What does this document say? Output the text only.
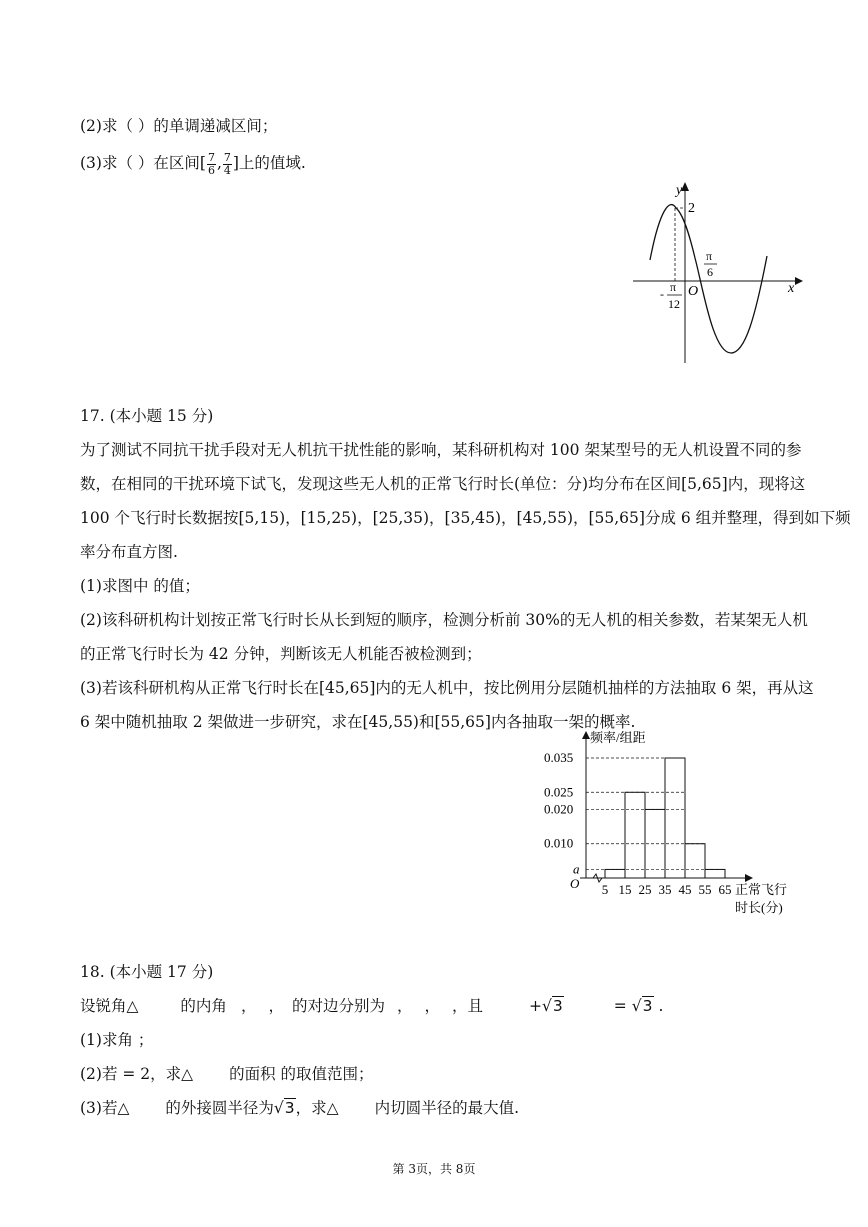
(2)求（ ）的单调递减区间；
(3)求（ ）在区间[ $\frac{7}{6}$ , $\frac{7}{4}$ ]上的值域.
y
x
O
2
π
6
- π
12
17. (本小题 15 分)
为了测试不同抗干扰手段对无人机抗干扰性能的影响，某科研机构对 100 架某型号的无人机设置不同的参
数，在相同的干扰环境下试飞，发现这些无人机的正常飞行时长(单位：分)均分布在区间[5,65]内，现将这
100 个飞行时长数据按[5,15)，[15,25)，[25,35)，[35,45)，[45,55)，[55,65]分成 6 组并整理，得到如下频
率分布直方图.
(1)求图中 的值；
(2)该科研机构计划按正常飞行时长从长到短的顺序，检测分析前 30%的无人机的相关参数，若某架无人机
的正常飞行时长为 42 分钟，判断该无人机能否被检测到；
(3)若该科研机构从正常飞行时长在[45,65]内的无人机中，按比例用分层随机抽样的方法抽取 6 架，再从这
6 架中随机抽取 2 架做进一步研究，求在[45,55)和[55,65]内各抽取一架的概率.
O
频率/组距
0.035
0.025
0.020
0.010
a
5 15 25 35 45 55 65 正常飞行
时长(分)
18. (本小题 17 分)
设锐角△	的内角 ， ， 的对边分别为 ， ， ，且	+√3	= √3 .
(1)求角 ；
(2)若 = 2，求△ 的面积 的取值范围；
(3)若△ 的外接圆半径为√3，求△ 内切圆半径的最大值.
第 3页，共 8页
